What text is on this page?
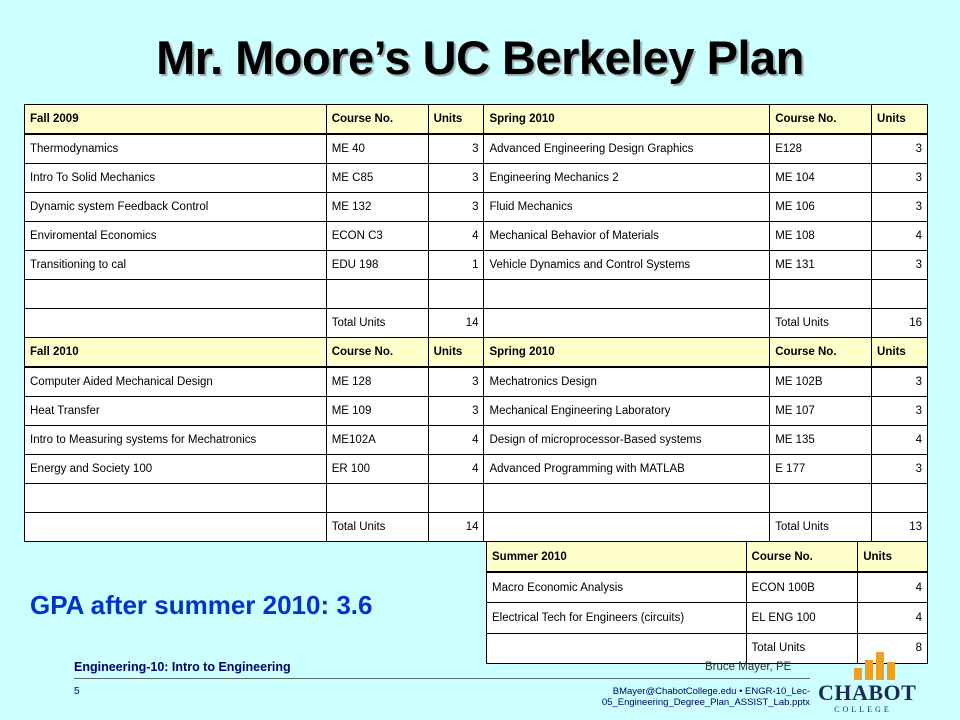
Mr. Moore’s UC Berkeley Plan
Fall 2009	Course No.	Units	Spring 2010	Course No.	Units
Thermodynamics	ME 40	3	Advanced Engineering Design Graphics	E128	3
Intro To Solid Mechanics	ME C85	3	Engineering Mechanics 2	ME 104	3
Dynamic system Feedback Control	ME 132	3	Fluid Mechanics	ME 106	3
Enviromental Economics	ECON C3	4	Mechanical Behavior of Materials	ME 108	4
Transitioning to cal	EDU 198	1	Vehicle Dynamics and Control Systems	ME 131	3

	Total Units	14		Total Units	16
Fall 2010	Course No.	Units	Spring 2010	Course No.	Units
Computer Aided Mechanical Design	ME 128	3	Mechatronics Design	ME 102B	3
Heat Transfer	ME 109	3	Mechanical Engineering Laboratory	ME 107	3
Intro to Measuring systems for Mechatronics	ME102A	4	Design of microprocessor-Based systems	ME 135	4
Energy and Society 100	ER 100	4	Advanced Programming with MATLAB	E 177	3

	Total Units	14		Total Units	13
Summer 2010	Course No.	Units
Macro Economic Analysis	ECON 100B	4
Electrical Tech for Engineers (circuits)	EL ENG 100	4
	Total Units	8
GPA after summer 2010: 3.6
Bruce Mayer, PE
Engineering-10: Intro to Engineering
5	BMayer@ChabotCollege.edu • ENGR-10_Lec-05_Engineering_Degree_Plan_ASSIST_Lab.pptx CHABOT
COLLEGE
